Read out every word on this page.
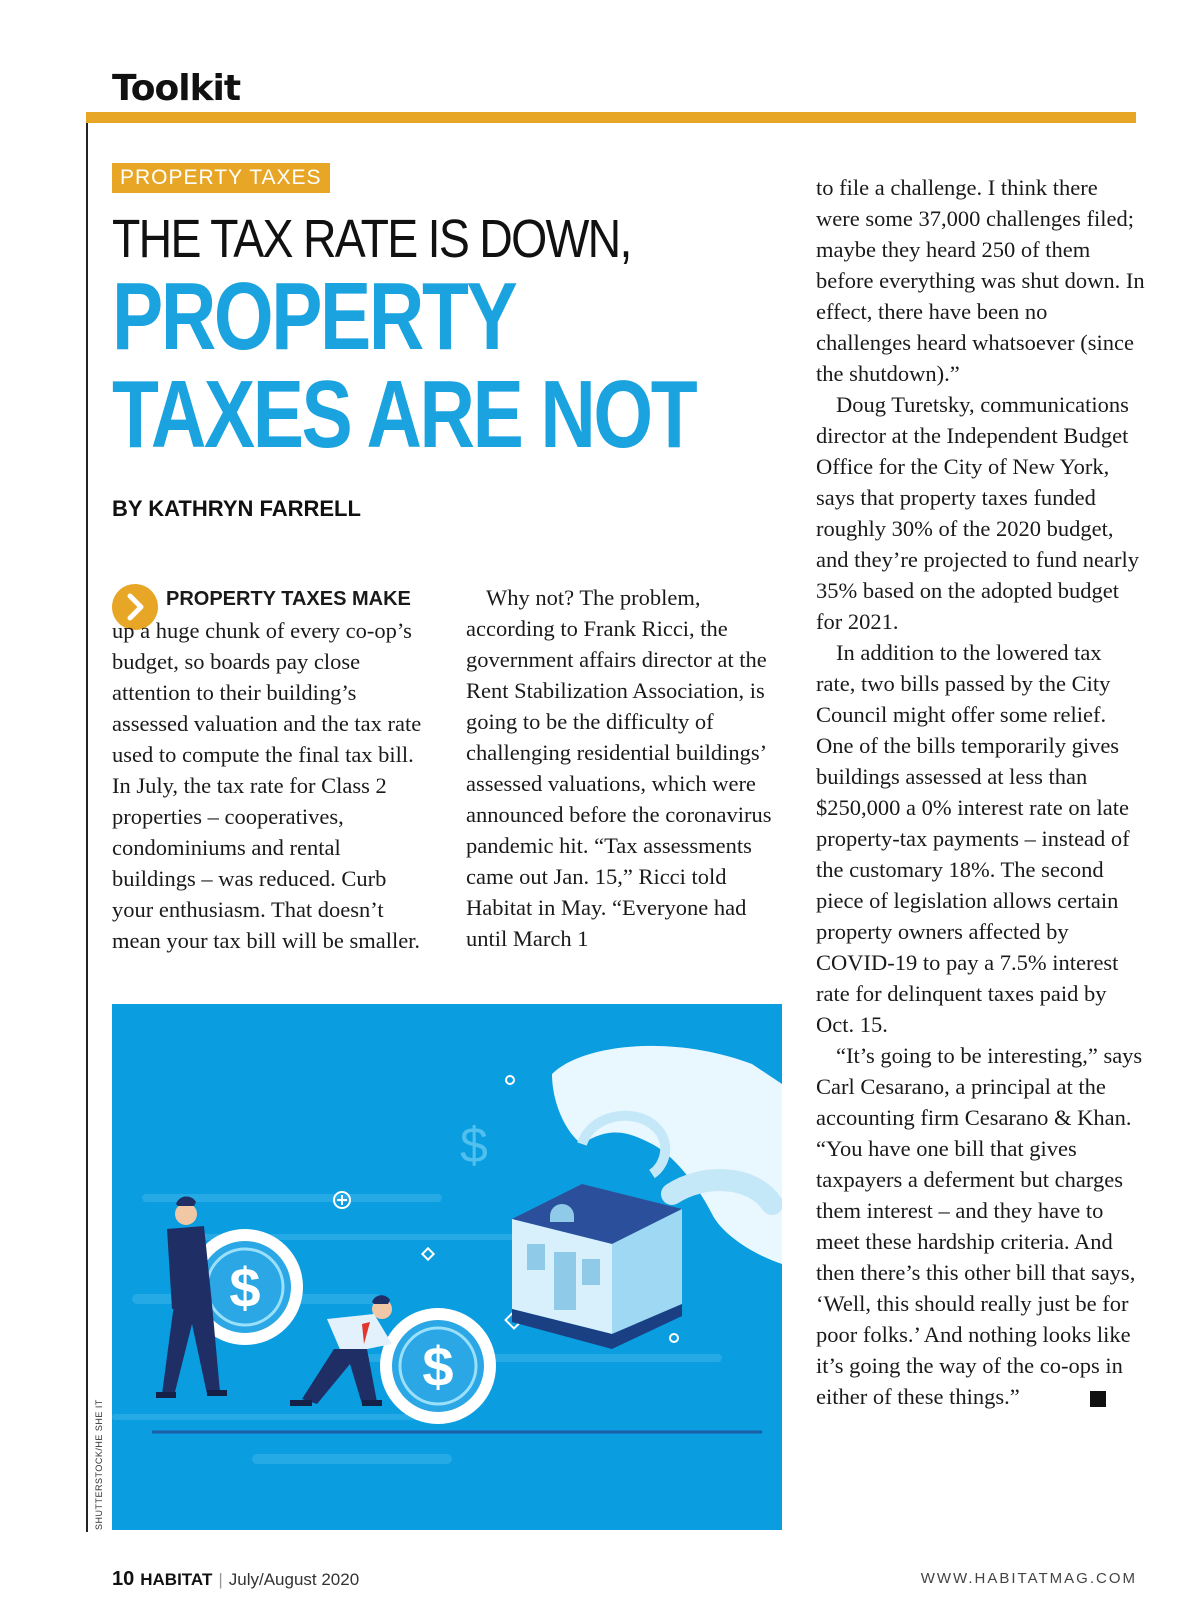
Toolkit
PROPERTY TAXES
THE TAX RATE IS DOWN,
PROPERTY
TAXES ARE NOT
BY KATHRYN FARRELL

PROPERTY TAXES MAKE up a huge chunk of every co-op’s budget, so boards pay close attention to their building’s assessed valuation and the tax rate used to compute the final tax bill. In July, the tax rate for Class 2 properties – cooperatives, condominiums and rental buildings – was reduced. Curb your enthusiasm. That doesn’t mean your tax bill will be smaller.

Why not? The problem, according to Frank Ricci, the government affairs director at the Rent Stabilization Association, is going to be the difficulty of challenging residential buildings’ assessed valuations, which were announced before the coronavirus pandemic hit. “Tax assessments came out Jan. 15,” Ricci told Habitat in May. “Everyone had until March 1

to file a challenge. I think there were some 37,000 challenges filed; maybe they heard 250 of them before everything was shut down. In effect, there have been no challenges heard whatsoever (since the shutdown).”

Doug Turetsky, communications director at the Independent Budget Office for the City of New York, says that property taxes funded roughly 30% of the 2020 budget, and they’re projected to fund nearly 35% based on the adopted budget for 2021.

In addition to the lowered tax rate, two bills passed by the City Council might offer some relief. One of the bills temporarily gives buildings assessed at less than $250,000 a 0% interest rate on late property-tax payments – instead of the customary 18%. The second piece of legislation allows certain property owners affected by COVID-19 to pay a 7.5% interest rate for delinquent taxes paid by Oct. 15.

“It’s going to be interesting,” says Carl Cesarano, a principal at the accounting firm Cesarano & Khan. “You have one bill that gives taxpayers a deferment but charges them interest – and they have to meet these hardship criteria. And then there’s this other bill that says, ‘Well, this should really just be for poor folks.’ And nothing looks like it’s going the way of the co-ops in either of these things.”

$
$
$
SHUTTERSTOCK/HE SHE IT
10 HABITAT | July/August 2020	WWW.HABITATMAG.COM
